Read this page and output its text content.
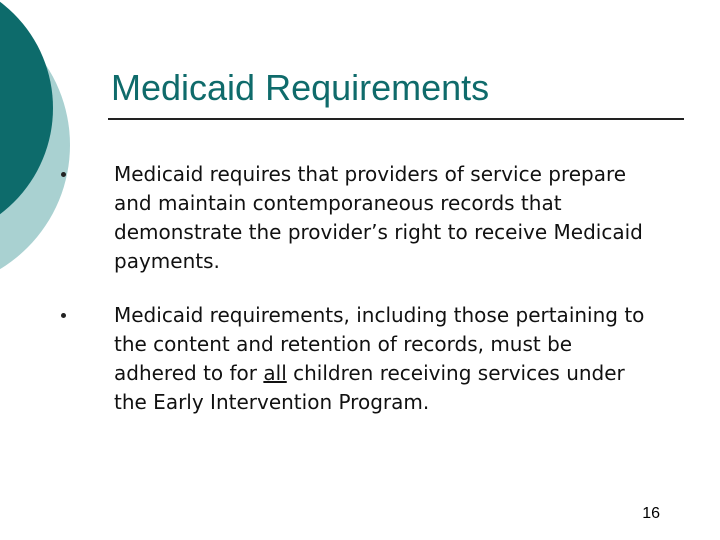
Medicaid Requirements
Medicaid requires that providers of service prepare and maintain contemporaneous records that demonstrate the provider’s right to receive Medicaid payments.
Medicaid requirements, including those pertaining to the content and retention of records, must be adhered to for all children receiving services under the Early Intervention Program.
16
